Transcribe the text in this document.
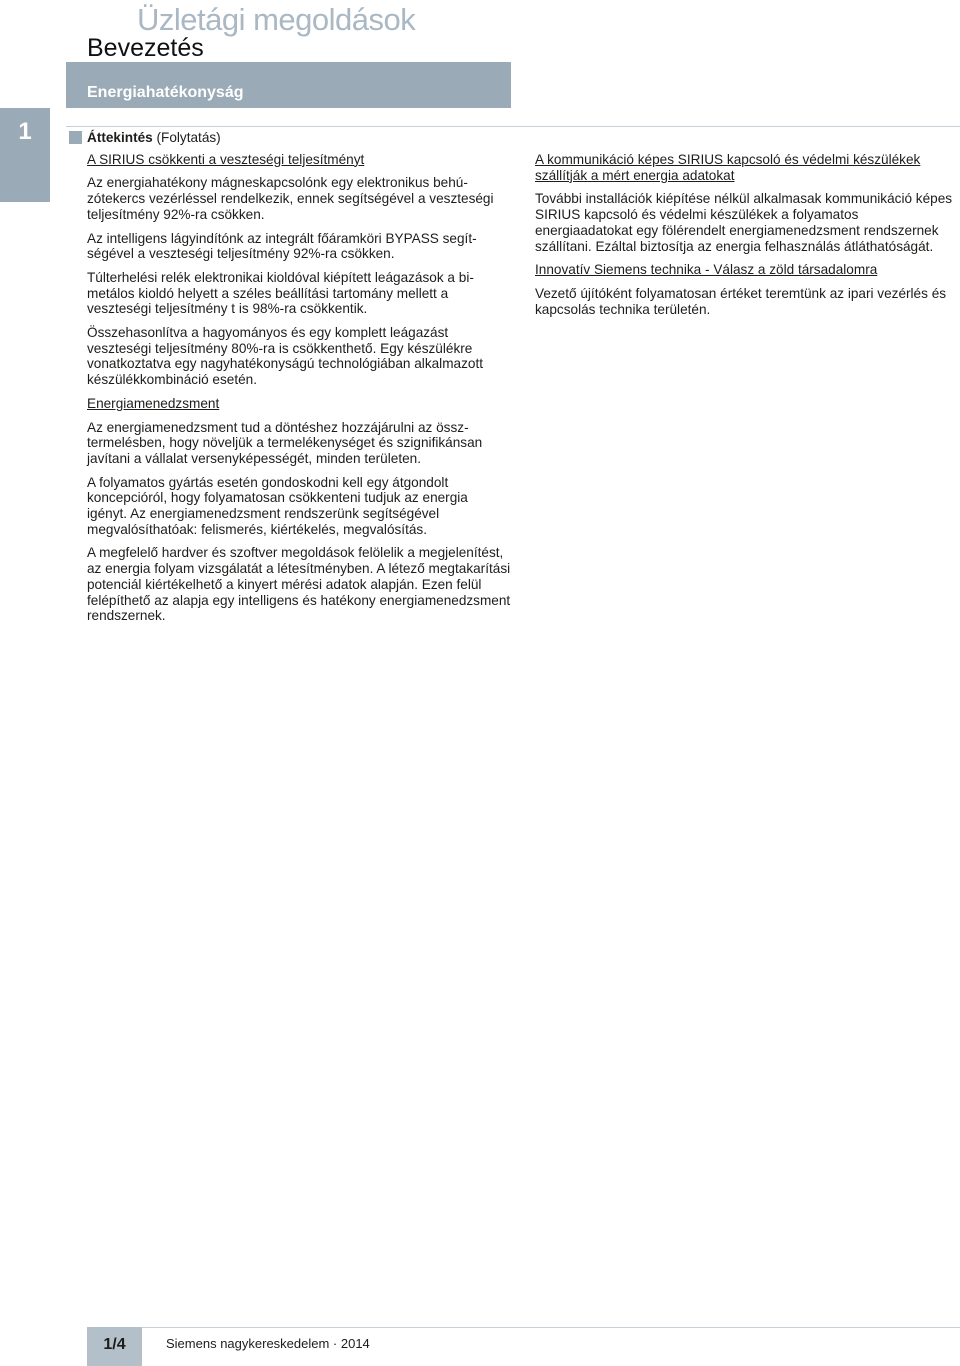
Üzletági megoldások
Bevezetés
Energiahatékonyság
1	Áttekintés (Folytatás)

A SIRIUS csökkenti a veszteségi teljesítményt

Az energiahatékony mágneskapcsolónk egy elektronikus behúzótekercs vezérléssel rendelkezik, ennek segítségével a veszteségi teljesítmény 92%-ra csökken.

Az intelligens lágyindítónk az integrált főáramköri BYPASS segítségével a veszteségi teljesítmény 92%-ra csökken.

Túlterhelési relék elektronikai kioldóval kiépített leágazások a bimetálos kioldó helyett a széles beállítási tartomány mellett a veszteségi teljesítmény t is 98%-ra csökkentik.

Összehasonlítva a hagyományos és egy komplett leágazást veszteségi teljesítmény 80%-ra is csökkenthető. Egy készülékre vonatkoztatva egy nagyhatékonyságú technológiában alkalmazott készülékkombináció esetén.

Energiamenedzsment

Az energiamenedzsment tud a döntéshez hozzájárulni az össztermelésben, hogy növeljük a termelékenységet és szignifikánsan javítani a vállalat versenyképességét, minden területen.

A folyamatos gyártás esetén gondoskodni kell egy átgondolt koncepcióról, hogy folyamatosan csökkenteni tudjuk az energia igényt. Az energiamenedzsment rendszerünk segítségével megvalósíthatóak: felismerés, kiértékelés, megvalósítás.

A megfelelő hardver és szoftver megoldások felölelik a megjelenítést, az energia folyam vizsgálatát a létesítményben. A létező megtakarítási potenciál kiértékelhető a kinyert mérési adatok alapján. Ezen felül felépíthető az alapja egy intelligens és hatékony energiamenedzsment rendszernek.

A kommunikáció képes SIRIUS kapcsoló és védelmi készülékek szállítják a mért energia adatokat

További installációk kiépítése nélkül alkalmasak kommunikáció képes SIRIUS kapcsoló és védelmi készülékek a folyamatos energiaadatokat egy fölérendelt energiamenedzsment rendszernek szállítani. Ezáltal biztosítja az energia felhasználás átláthatóságát.

Innovatív Siemens technika - Válasz a zöld társadalomra

Vezető újítóként folyamatosan értéket teremtünk az ipari vezérlés és kapcsolás technika területén.

1/4	Siemens nagykereskedelem · 2014
